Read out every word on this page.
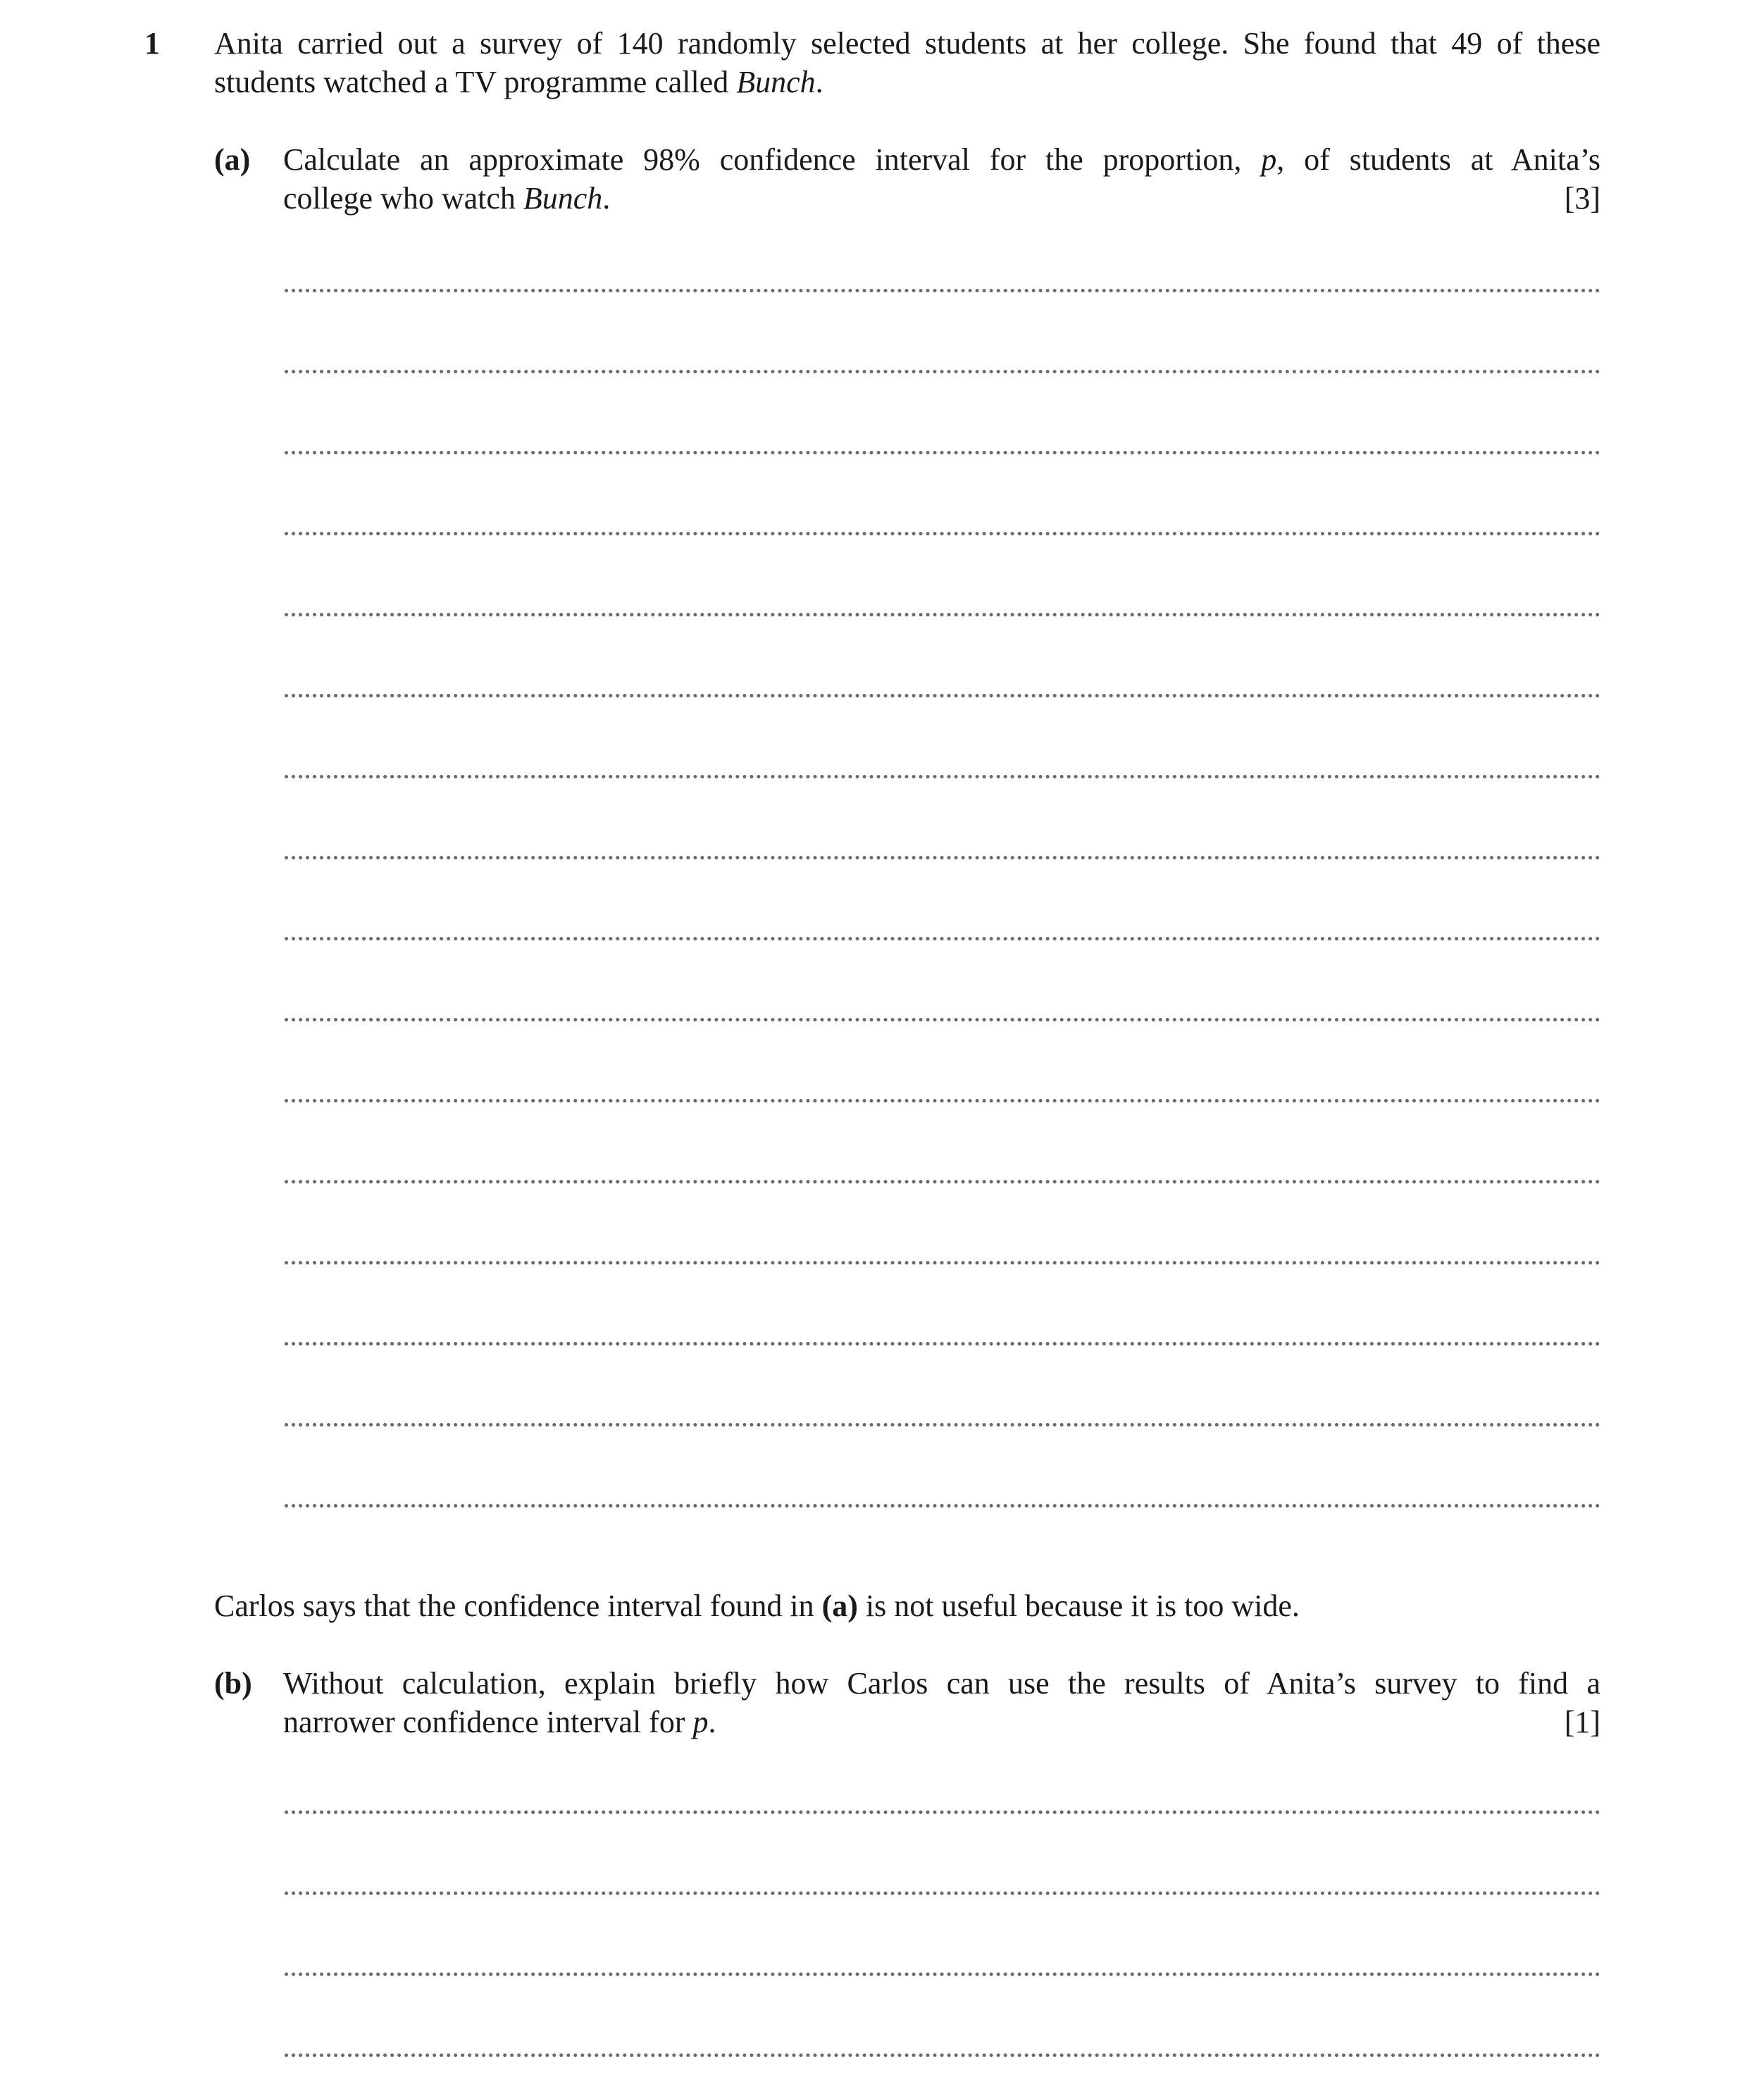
1 Anita carried out a survey of 140 randomly selected students at her college. She found that 49 of these
students watched a TV programme called Bunch.
(a) Calculate an approximate 98% confidence interval for the proportion, p, of students at Anita’s
college who watch Bunch.	[3]
Carlos says that the confidence interval found in (a) is not useful because it is too wide.
(b) Without calculation, explain briefly how Carlos can use the results of Anita’s survey to find a
narrower confidence interval for p.	[1]
